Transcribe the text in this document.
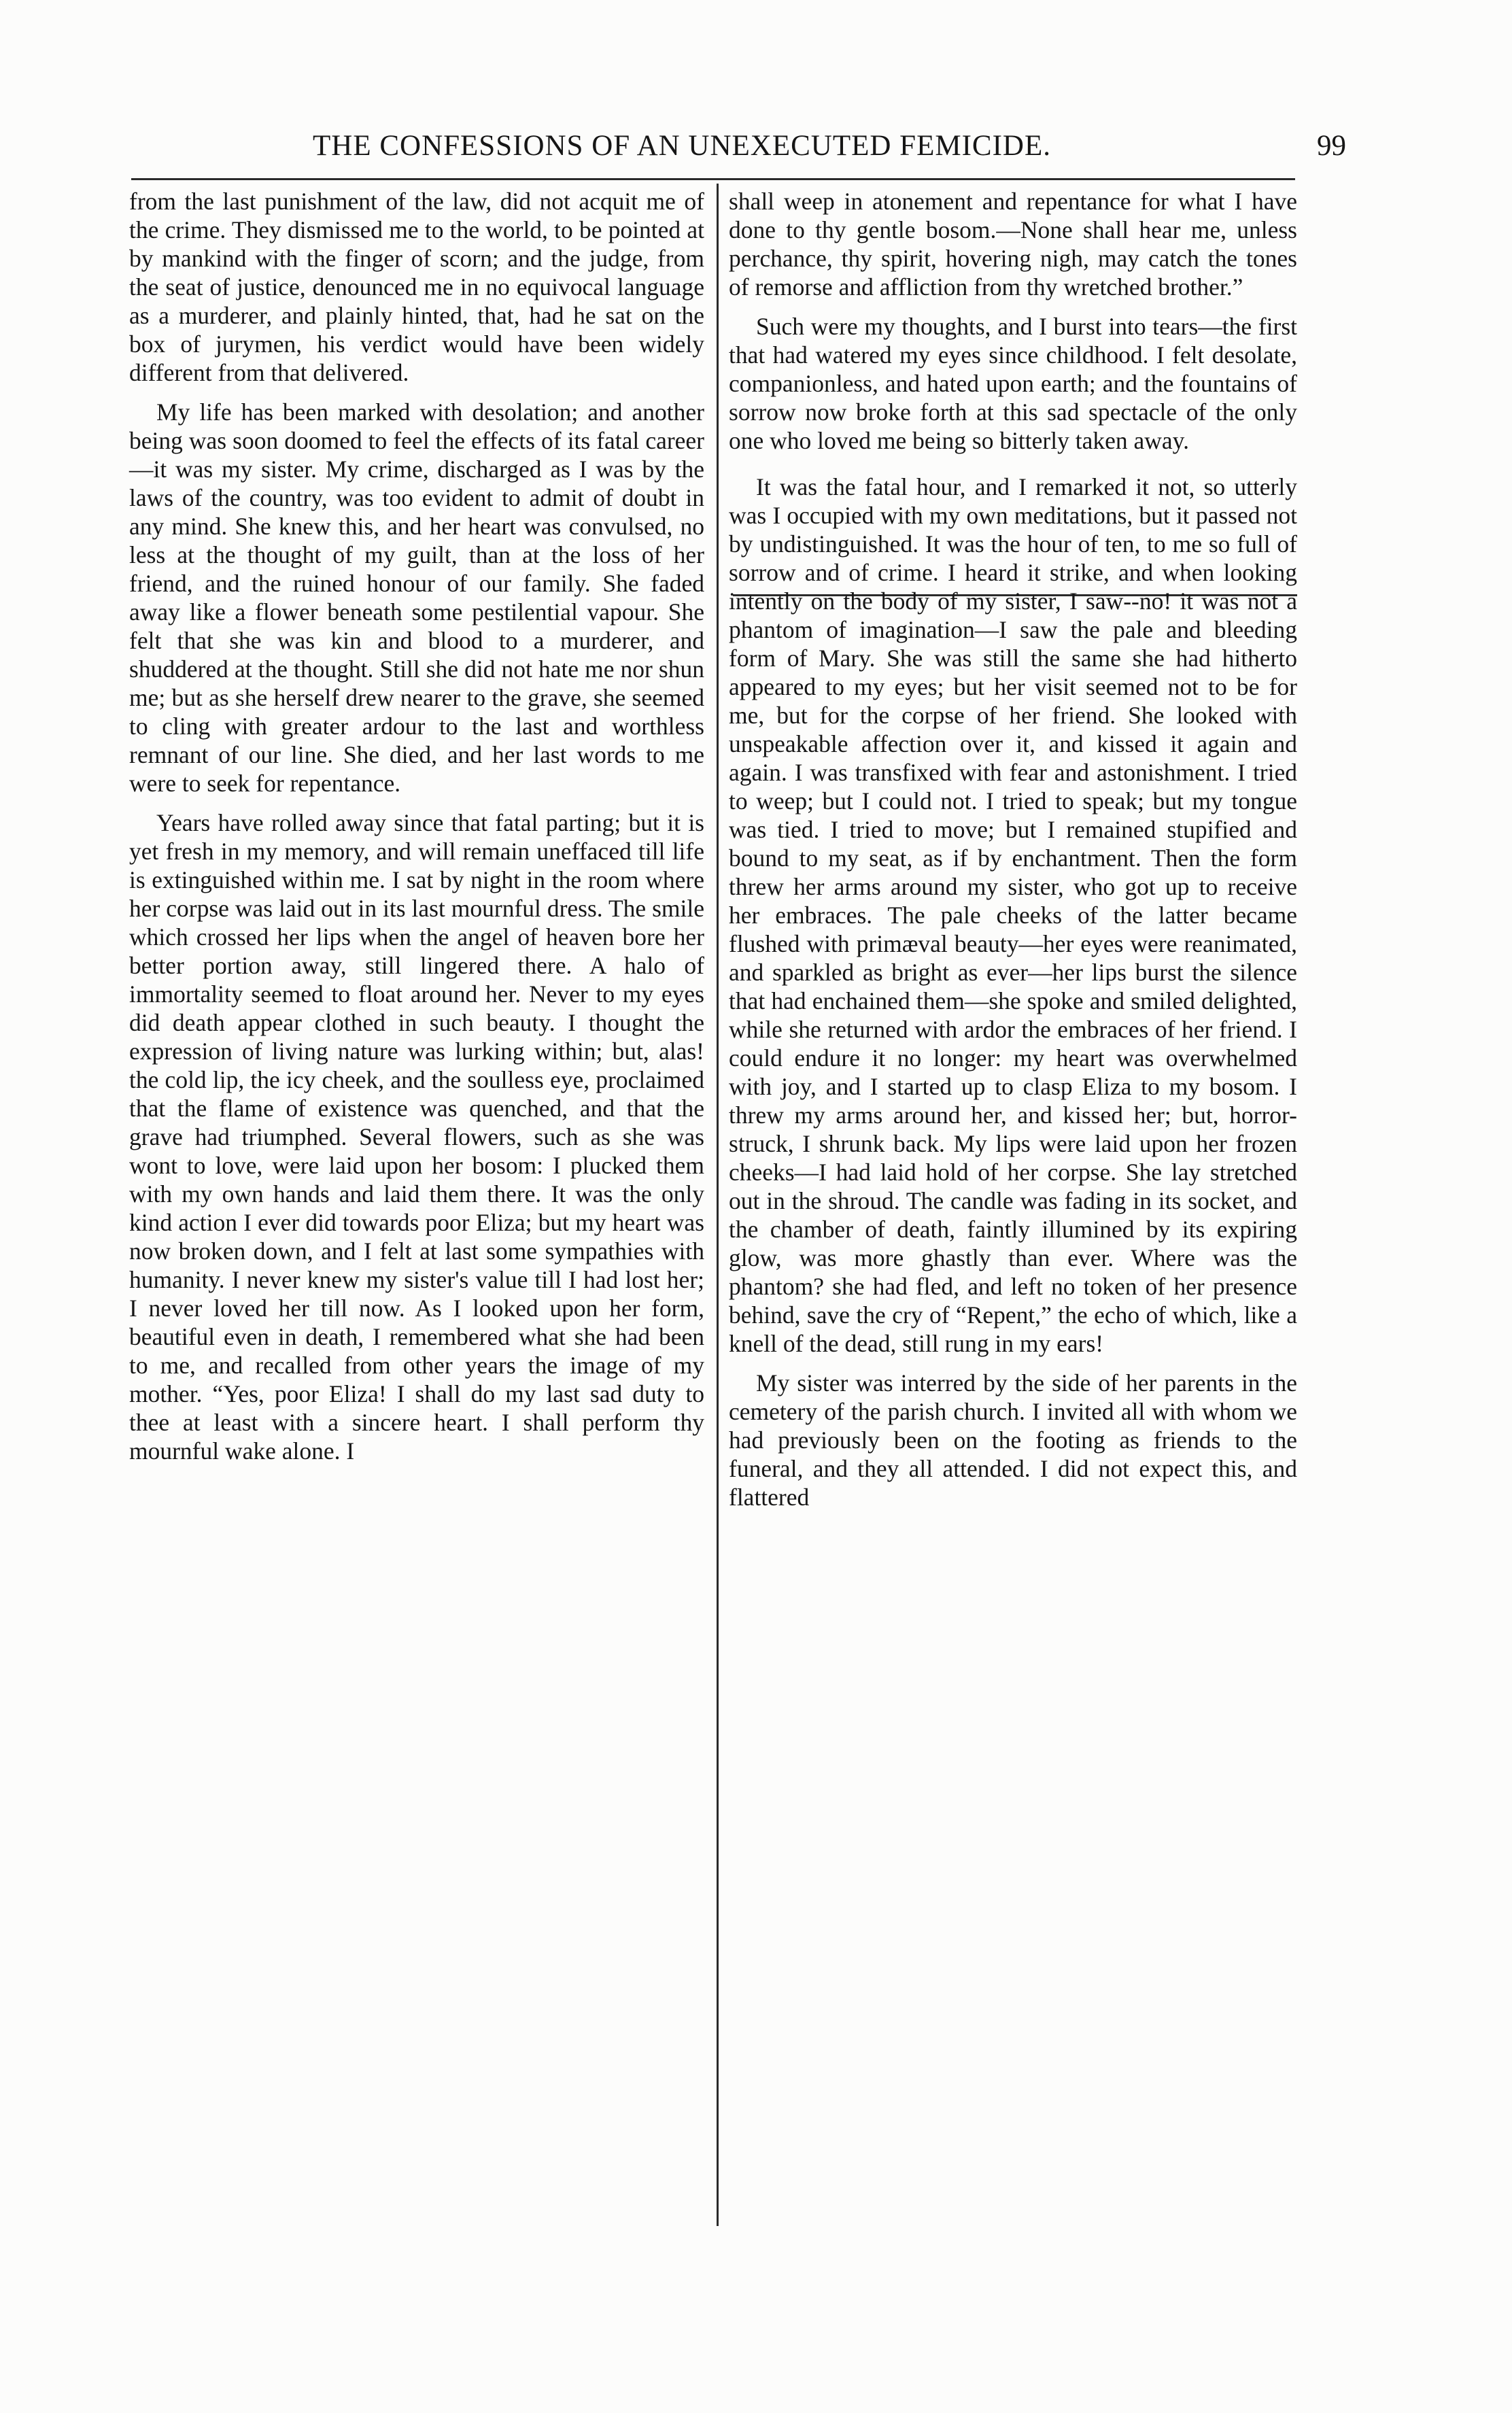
THE CONFESSIONS OF AN UNEXECUTED FEMICIDE.	99

from the last punishment of the law, did not acquit me of the crime. They dismissed me to the world, to be pointed at by mankind with the finger of scorn; and the judge, from the seat of justice, denounced me in no equivocal language as a murderer, and plainly hinted, that, had he sat on the box of jurymen, his verdict would have been widely different from that delivered.

My life has been marked with desolation; and another being was soon doomed to feel the effects of its fatal career—it was my sister. My crime, discharged as I was by the laws of the country, was too evident to admit of doubt in any mind. She knew this, and her heart was convulsed, no less at the thought of my guilt, than at the loss of her friend, and the ruined honour of our family. She faded away like a flower beneath some pestilential vapour. She felt that she was kin and blood to a murderer, and shuddered at the thought. Still she did not hate me nor shun me; but as she herself drew nearer to the grave, she seemed to cling with greater ardour to the last and worthless remnant of our line. She died, and her last words to me were to seek for repentance.

Years have rolled away since that fatal parting; but it is yet fresh in my memory, and will remain uneffaced till life is extinguished within me. I sat by night in the room where her corpse was laid out in its last mournful dress. The smile which crossed her lips when the angel of heaven bore her better portion away, still lingered there. A halo of immortality seemed to float around her. Never to my eyes did death appear clothed in such beauty. I thought the expression of living nature was lurking within; but, alas! the cold lip, the icy cheek, and the soulless eye, proclaimed that the flame of existence was quenched, and that the grave had triumphed. Several flowers, such as she was wont to love, were laid upon her bosom: I plucked them with my own hands and laid them there. It was the only kind action I ever did towards poor Eliza; but my heart was now broken down, and I felt at last some sympathies with humanity. I never knew my sister's value till I had lost her; I never loved her till now. As I looked upon her form, beautiful even in death, I remembered what she had been to me, and recalled from other years the image of my mother. “Yes, poor Eliza! I shall do my last sad duty to thee at least with a sincere heart. I shall perform thy mournful wake alone. I

shall weep in atonement and repentance for what I have done to thy gentle bosom.—None shall hear me, unless perchance, thy spirit, hovering nigh, may catch the tones of remorse and affliction from thy wretched brother.”

Such were my thoughts, and I burst into tears—the first that had watered my eyes since childhood. I felt desolate, companionless, and hated upon earth; and the fountains of sorrow now broke forth at this sad spectacle of the only one who loved me being so bitterly taken away.

It was the fatal hour, and I remarked it not, so utterly was I occupied with my own meditations, but it passed not by undistinguished. It was the hour of ten, to me so full of sorrow and of crime. I heard it strike, and when looking intently on the body of my sister, I saw--no! it was not a phantom of imagination—I saw the pale and bleeding form of Mary. She was still the same she had hitherto appeared to my eyes; but her visit seemed not to be for me, but for the corpse of her friend. She looked with unspeakable affection over it, and kissed it again and again. I was transfixed with fear and astonishment. I tried to weep; but I could not. I tried to speak; but my tongue was tied. I tried to move; but I remained stupified and bound to my seat, as if by enchantment. Then the form threw her arms around my sister, who got up to receive her embraces. The pale cheeks of the latter became flushed with primæval beauty—her eyes were reanimated, and sparkled as bright as ever—her lips burst the silence that had enchained them—she spoke and smiled delighted, while she returned with ardor the embraces of her friend. I could endure it no longer: my heart was overwhelmed with joy, and I started up to clasp Eliza to my bosom. I threw my arms around her, and kissed her; but, horror-struck, I shrunk back. My lips were laid upon her frozen cheeks—I had laid hold of her corpse. She lay stretched out in the shroud. The candle was fading in its socket, and the chamber of death, faintly illumined by its expiring glow, was more ghastly than ever. Where was the phantom? she had fled, and left no token of her presence behind, save the cry of “Repent,” the echo of which, like a knell of the dead, still rung in my ears!

My sister was interred by the side of her parents in the cemetery of the parish church. I invited all with whom we had previously been on the footing as friends to the funeral, and they all attended. I did not expect this, and flattered
